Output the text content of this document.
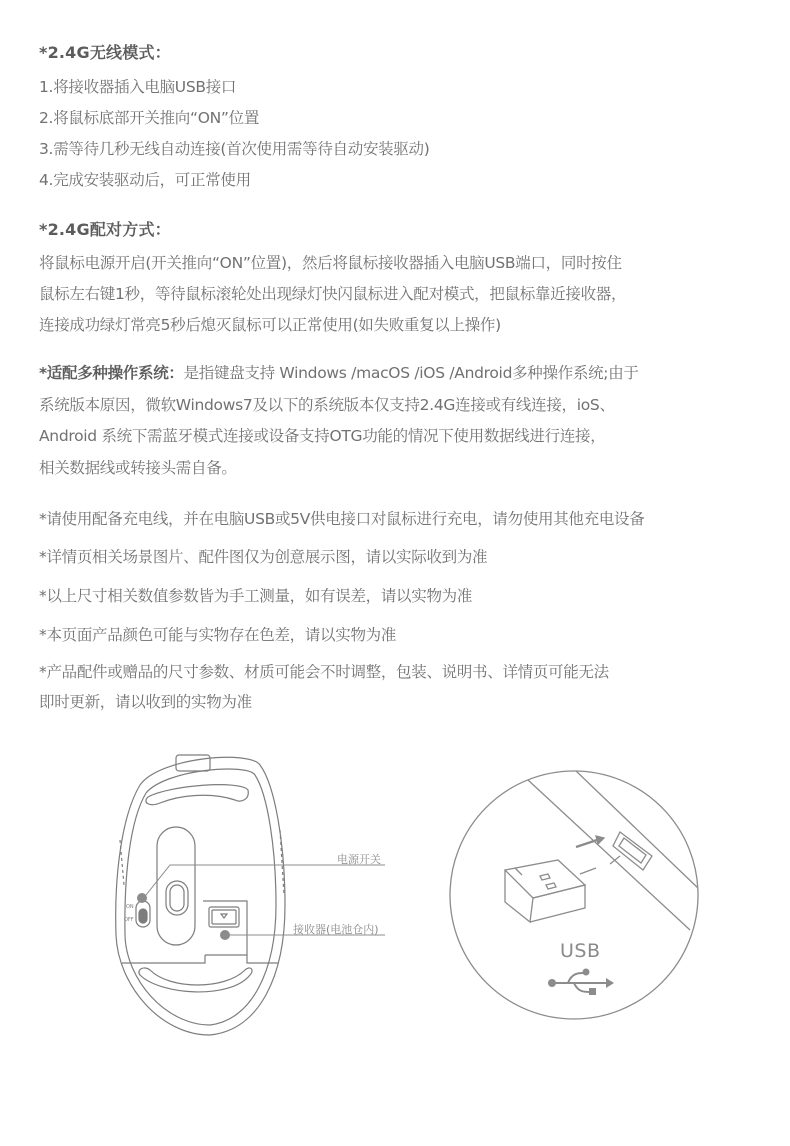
*2.4G无线模式：
1.将接收器插入电脑USB接口
2.将鼠标底部开关推向“ON”位置
3.需等待几秒无线自动连接(首次使用需等待自动安装驱动)
4.完成安装驱动后，可正常使用
*2.4G配对方式：
将鼠标电源开启(开关推向“ON”位置)，然后将鼠标接收器插入电脑USB端口，同时按住
鼠标左右键1秒，等待鼠标滚轮处出现绿灯快闪鼠标进入配对模式，把鼠标靠近接收器，
连接成功绿灯常亮5秒后熄灭鼠标可以正常使用(如失败重复以上操作)
*适配多种操作系统：是指键盘支持 Windows /macOS /iOS /Android多种操作系统;由于
系统版本原因，微软Windows7及以下的系统版本仅支持2.4G连接或有线连接，ioS、
Android 系统下需蓝牙模式连接或设备支持OTG功能的情况下使用数据线进行连接，
相关数据线或转接头需自备。
*请使用配备充电线，并在电脑USB或5V供电接口对鼠标进行充电，请勿使用其他充电设备
*详情页相关场景图片、配件图仅为创意展示图，请以实际收到为准
*以上尺寸相关数值参数皆为手工测量，如有误差，请以实物为准
*本页面产品颜色可能与实物存在色差，请以实物为准
*产品配件或赠品的尺寸参数、材质可能会不时调整，包装、说明书、详情页可能无法
即时更新，请以收到的实物为准
ON
OFF
电源开关
接收器(电池仓内)
USB
